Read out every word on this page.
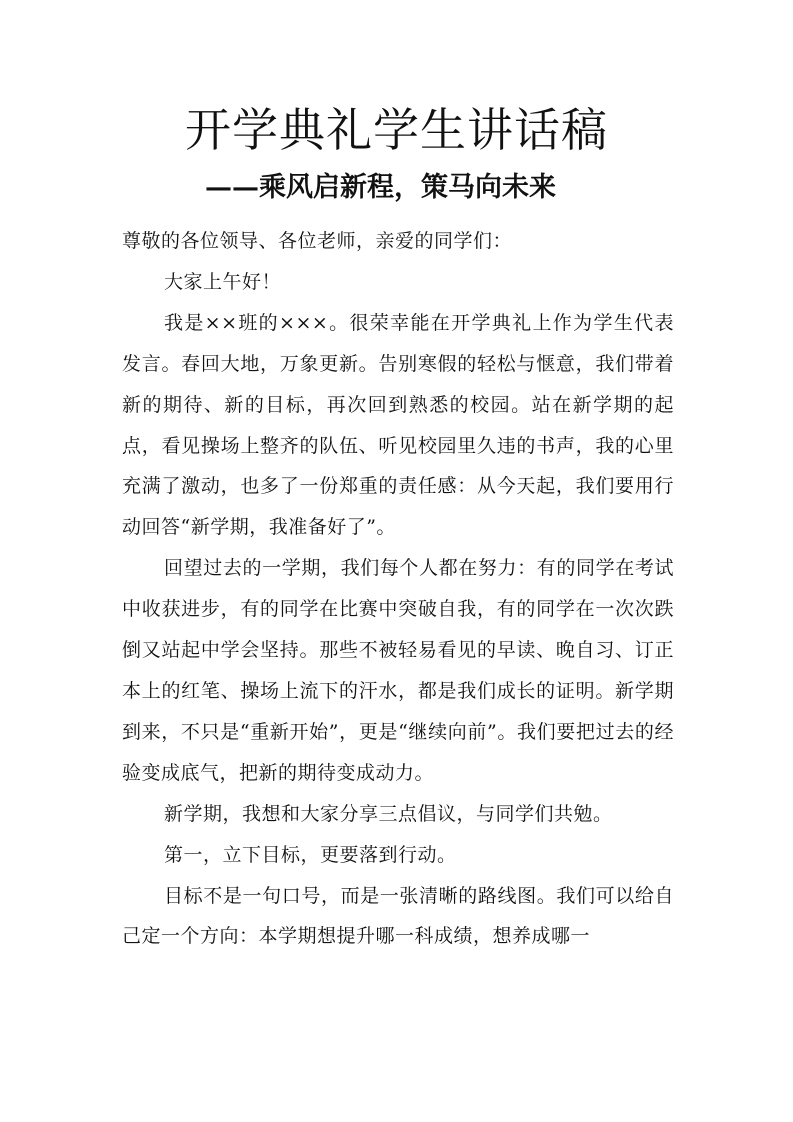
开学典礼学生讲话稿
——乘风启新程，策马向未来

尊敬的各位领导、各位老师，亲爱的同学们：

大家上午好！

我是××班的×××。很荣幸能在开学典礼上作为学生代表发言。春回大地，万象更新。告别寒假的轻松与惬意，我们带着新的期待、新的目标，再次回到熟悉的校园。站在新学期的起点，看见操场上整齐的队伍、听见校园里久违的书声，我的心里充满了激动，也多了一份郑重的责任感：从今天起，我们要用行动回答“新学期，我准备好了”。

回望过去的一学期，我们每个人都在努力：有的同学在考试中收获进步，有的同学在比赛中突破自我，有的同学在一次次跌倒又站起中学会坚持。那些不被轻易看见的早读、晚自习、订正本上的红笔、操场上流下的汗水，都是我们成长的证明。新学期到来，不只是“重新开始”，更是“继续向前”。我们要把过去的经验变成底气，把新的期待变成动力。

新学期，我想和大家分享三点倡议，与同学们共勉。

第一，立下目标，更要落到行动。

目标不是一句口号，而是一张清晰的路线图。我们可以给自己定一个方向：本学期想提升哪一科成绩，想养成哪一
